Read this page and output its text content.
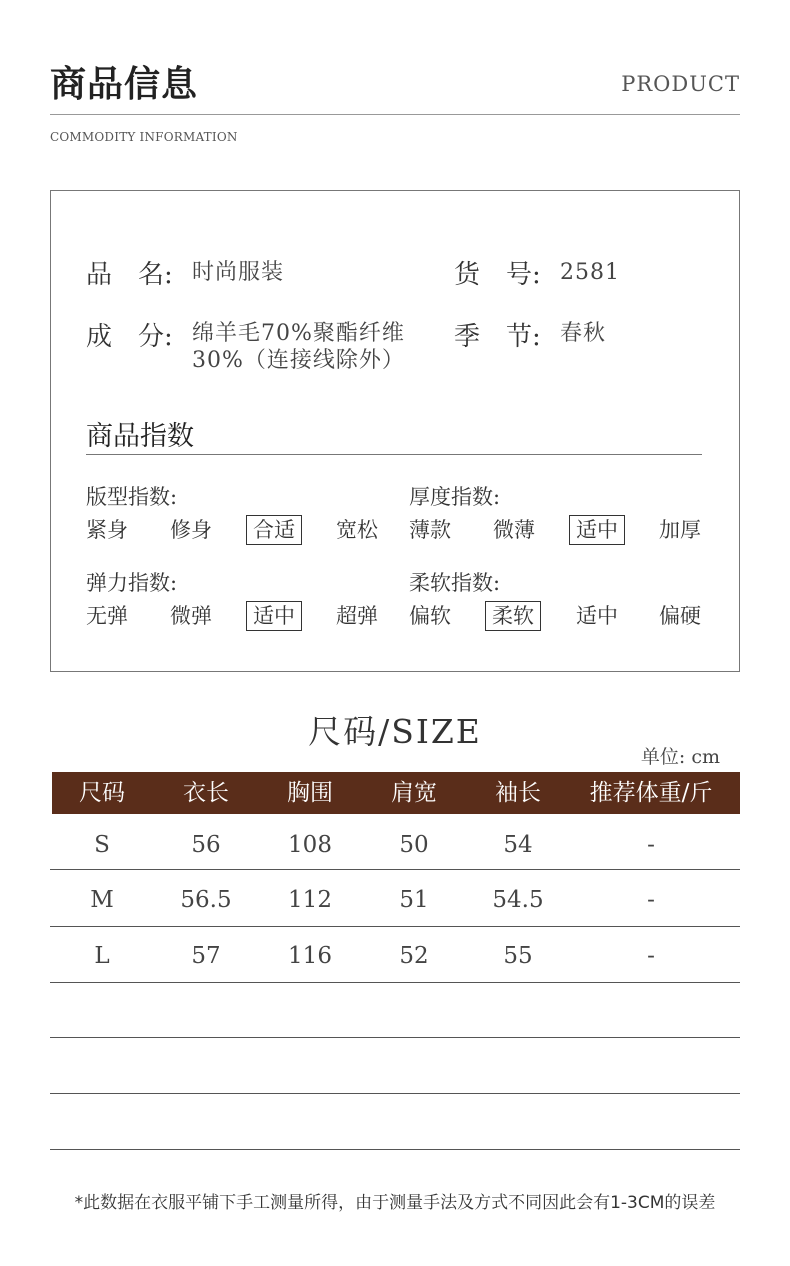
商品信息	PRODUCT
COMMODITY INFORMATION
品　名: 时尚服装	货　号: 2581
成　分: 绵羊毛70%聚酯纤维
30%（连接线除外）
季　节: 春秋
商品指数
版型指数:
紧身 修身	合适	宽松
厚度指数:
薄款 微薄	适中	加厚
弹力指数:
无弹 微弹	适中	超弹
柔软指数:
偏软	柔软	适中 偏硬
尺码/SIZE
单位: cm
尺码	衣长	胸围	肩宽	袖长	推荐体重/斤
S	56	108	50	54	-
M	56.5	112	51	54.5	-
L	57	116	52	55	-
*此数据在衣服平铺下手工测量所得，由于测量手法及方式不同因此会有1-3CM的误差
